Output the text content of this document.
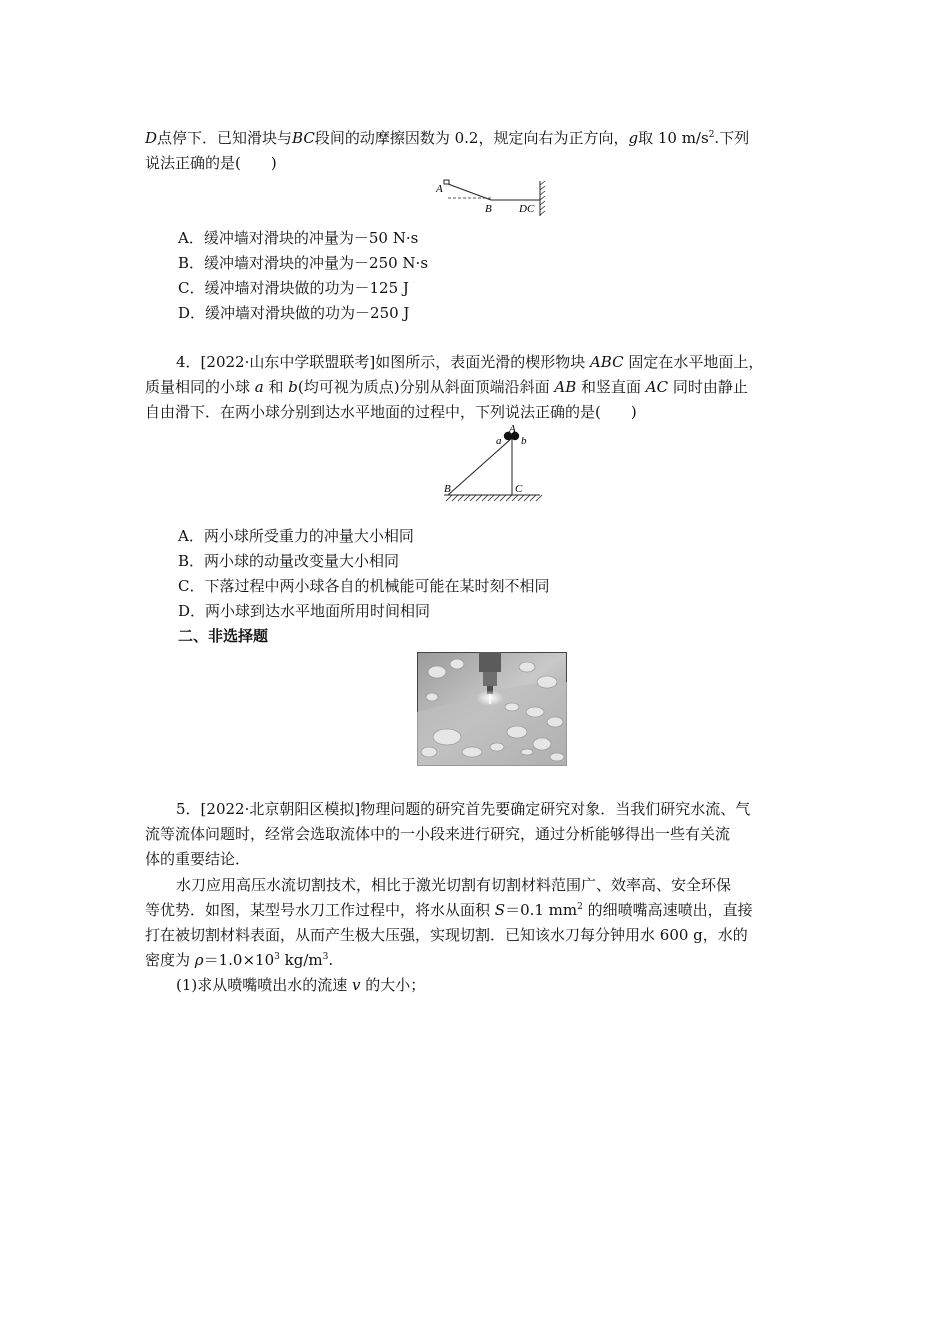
D点停下．已知滑块与BC段间的动摩擦因数为 0.2，规定向右为正方向，g取 10 $m/s^2$.下列
说法正确的是(　　)
A
B DC
A．缓冲墙对滑块的冲量为－50 N·s
B．缓冲墙对滑块的冲量为－250 N·s
C．缓冲墙对滑块做的功为－125 J
D．缓冲墙对滑块做的功为－250 J
4．[2022·山东中学联盟联考]如图所示，表面光滑的楔形物块 ABC 固定在水平地面上，
质量相同的小球 a 和 b(均可视为质点)分别从斜面顶端沿斜面 AB 和竖直面 AC 同时由静止
自由滑下．在两小球分别到达水平地面的过程中，下列说法正确的是(　　)
A
a b
B	C
A．两小球所受重力的冲量大小相同
B．两小球的动量改变量大小相同
C．下落过程中两小球各自的机械能可能在某时刻不相同
D．两小球到达水平地面所用时间相同
二、非选择题
5．[2022·北京朝阳区模拟]物理问题的研究首先要确定研究对象．当我们研究水流、气
流等流体问题时，经常会选取流体中的一小段来进行研究，通过分析能够得出一些有关流
体的重要结论．
水刀应用高压水流切割技术，相比于激光切割有切割材料范围广、效率高、安全环保
等优势．如图，某型号水刀工作过程中，将水从面积 S＝0.1 $mm^2$ 的细喷嘴高速喷出，直接
打在被切割材料表面，从而产生极大压强，实现切割．已知该水刀每分钟用水 600 g，水的
密度为 $\rho=1.0\times 10^3$ $kg/m^3$.
(1)求从喷嘴喷出水的流速 v 的大小；
